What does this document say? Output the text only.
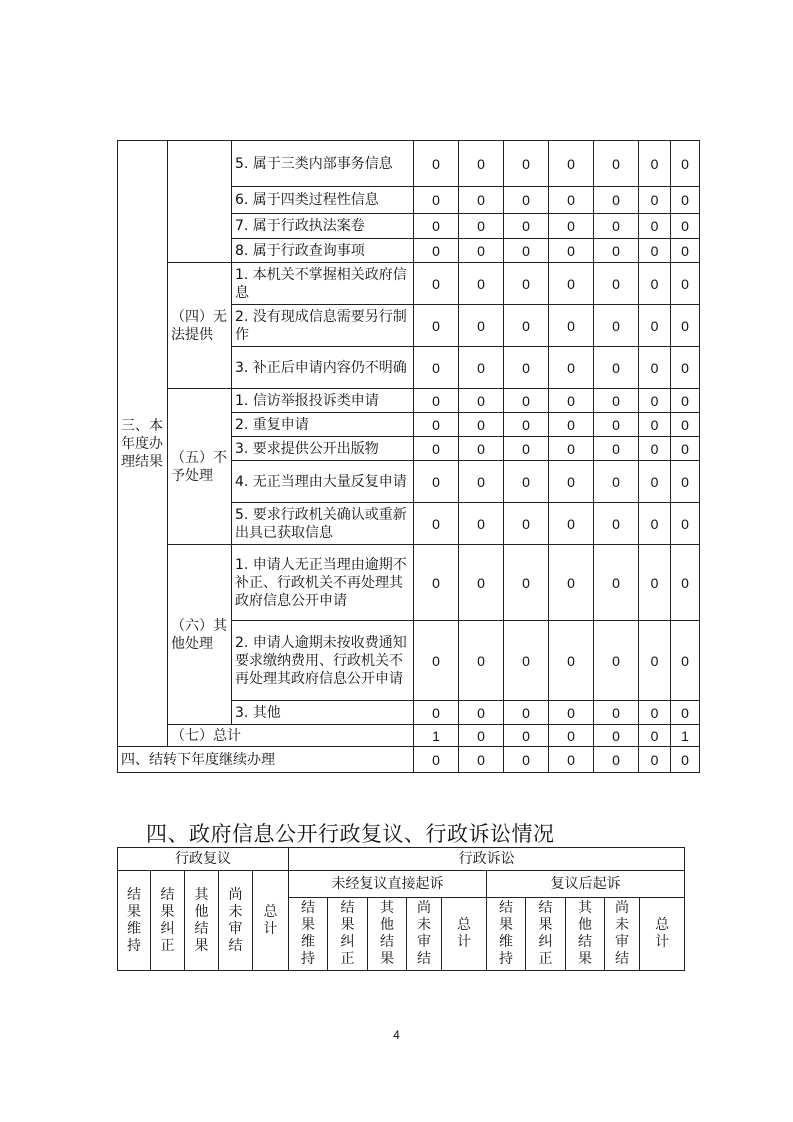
三、本年度办理结果		5. 属于三类内部事务信息	0	0	0	0	0	0	0
		6. 属于四类过程性信息	0	0	0	0	0	0	0
		7. 属于行政执法案卷	0	0	0	0	0	0	0
		8. 属于行政查询事项	0	0	0	0	0	0	0
	（四）无法提供	1. 本机关不掌握相关政府信息	0	0	0	0	0	0	0
		2. 没有现成信息需要另行制作	0	0	0	0	0	0	0
		3. 补正后申请内容仍不明确	0	0	0	0	0	0	0
	（五）不予处理	1. 信访举报投诉类申请	0	0	0	0	0	0	0
		2. 重复申请	0	0	0	0	0	0	0
		3. 要求提供公开出版物	0	0	0	0	0	0	0
		4. 无正当理由大量反复申请	0	0	0	0	0	0	0
		5. 要求行政机关确认或重新出具已获取信息	0	0	0	0	0	0	0
	（六）其他处理	1. 申请人无正当理由逾期不补正、行政机关不再处理其政府信息公开申请	0	0	0	0	0	0	0
		2. 申请人逾期未按收费通知要求缴纳费用、行政机关不再处理其政府信息公开申请	0	0	0	0	0	0	0
		3. 其他	0	0	0	0	0	0	0
	（七）总计		1	0	0	0	0	0	1
四、结转下年度继续办理			0	0	0	0	0	0	0
四、政府信息公开行政复议、行政诉讼情况
行政复议					行政诉讼									

结果维持	结果纠正	其他结果	尚未审结	总计	未经复议直接起诉					复议后起诉				

					结果维持	结果纠正	其他结果	尚未审结	总计	结果维持	结果纠正	其他结果	尚未审结	总计
4
